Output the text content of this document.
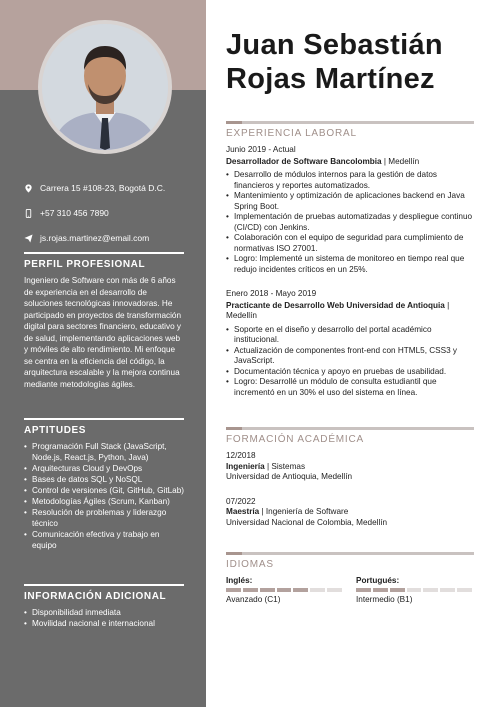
Carrera 15 #108-23, Bogotá D.C.
+57 310 456 7890
js.rojas.martinez@email.com
PERFIL PROFESIONAL

Ingeniero de Software con más de 6 años de experiencia en el desarrollo de soluciones tecnológicas innovadoras. He participado en proyectos de transformación digital para sectores financiero, educativo y de salud, implementando aplicaciones web y móviles de alto rendimiento. Mi enfoque se centra en la eficiencia del código, la arquitectura escalable y la mejora continua mediante metodologías ágiles.

APTITUDES
• Programación Full Stack (JavaScript, Node.js, React.js, Python, Java)
• Arquitecturas Cloud y DevOps
• Bases de datos SQL y NoSQL
• Control de versiones (Git, GitHub, GitLab)
• Metodologías Ágiles (Scrum, Kanban)
• Resolución de problemas y liderazgo técnico
• Comunicación efectiva y trabajo en equipo
INFORMACIÓN ADICIONAL
• Disponibilidad inmediata
• Movilidad nacional e internacional
Juan Sebastián
Rojas Martínez
EXPERIENCIA LABORAL
Junio 2019 - Actual
Desarrollador de Software Bancolombia | Medellín
• Desarrollo de módulos internos para la gestión de datos financieros y reportes automatizados.
• Mantenimiento y optimización de aplicaciones backend en Java Spring Boot.
• Implementación de pruebas automatizadas y despliegue continuo (CI/CD) con Jenkins.
• Colaboración con el equipo de seguridad para cumplimiento de normativas ISO 27001.
• Logro: Implementé un sistema de monitoreo en tiempo real que redujo incidentes críticos en un 25%.
Enero 2018 - Mayo 2019
Practicante de Desarrollo Web Universidad de Antioquia | Medellín
• Soporte en el diseño y desarrollo del portal académico institucional.
• Actualización de componentes front-end con HTML5, CSS3 y JavaScript.
• Documentación técnica y apoyo en pruebas de usabilidad.
• Logro: Desarrollé un módulo de consulta estudiantil que incrementó en un 30% el uso del sistema en línea.
FORMACIÓN ACADÉMICA
12/2018
Ingeniería | Sistemas
Universidad de Antioquia, Medellín
07/2022
Maestría | Ingeniería de Software
Universidad Nacional de Colombia, Medellín
IDIOMAS
Inglés:
Avanzado (C1)
Portugués:
Intermedio (B1)
